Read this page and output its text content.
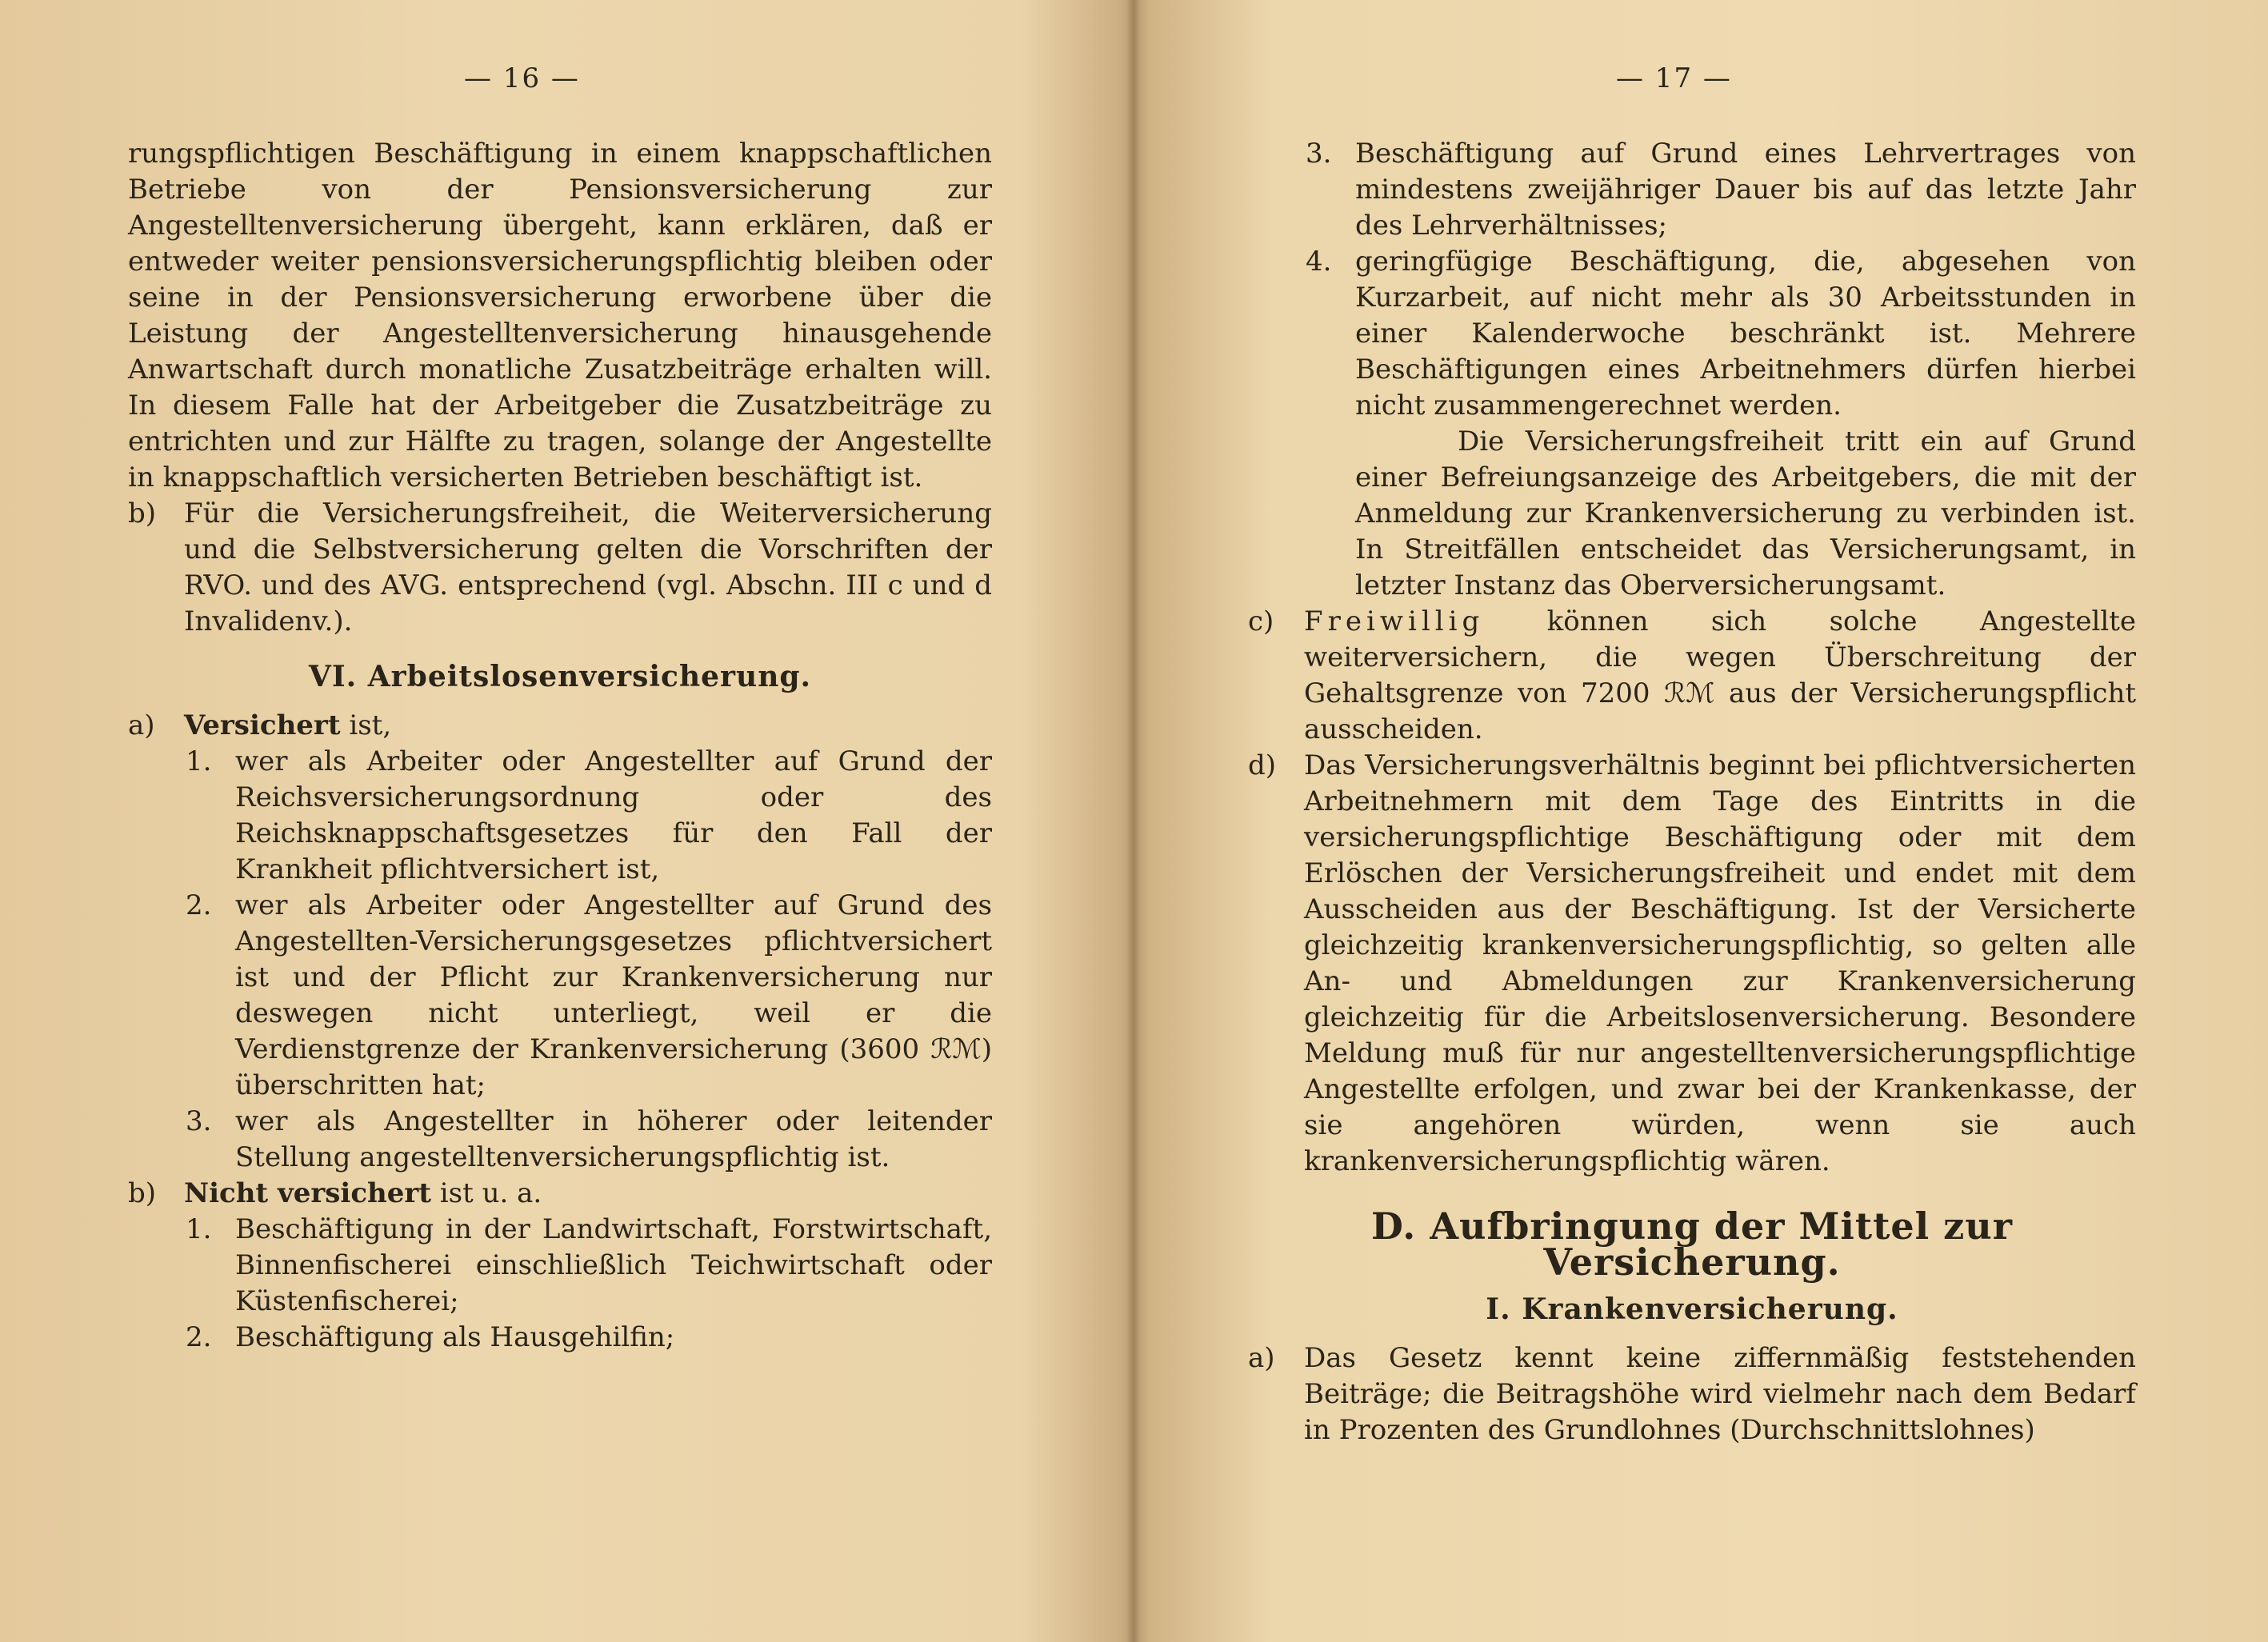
— 16 —

rungspflichtigen Beschäftigung in einem knappschaftlichen Betriebe von der Pensionsversicherung zur Angestelltenversicherung übergeht, kann erklären, daß er entweder weiter pensionsversicherungspflichtig bleiben oder seine in der Pensionsversicherung erworbene über die Leistung der Angestelltenversicherung hinausgehende Anwartschaft durch monatliche Zusatzbeiträge erhalten will. In diesem Falle hat der Arbeitgeber die Zusatzbeiträge zu entrichten und zur Hälfte zu tragen, solange der Angestellte in knappschaftlich versicherten Betrieben beschäftigt ist.

b)	Für die Versicherungsfreiheit, die Weiterversicherung und die Selbstversicherung gelten die Vorschriften der RVO. und des AVG. entsprechend (vgl. Abschn. III c und d Invalidenv.).
VI. Arbeitslosenversicherung.
a)	Versichert ist,
1. wer als Arbeiter oder Angestellter auf Grund der Reichsversicherungsordnung oder des Reichsknappschaftsgesetzes für den Fall der Krankheit pflichtversichert ist,
2. wer als Arbeiter oder Angestellter auf Grund des Angestellten-Versicherungsgesetzes pflichtversichert ist und der Pflicht zur Krankenversicherung nur deswegen nicht unterliegt, weil er die Verdienstgrenze der Krankenversicherung (3600 ℛℳ) überschritten hat;
3. wer als Angestellter in höherer oder leitender Stellung angestelltenversicherungspflichtig ist.
b)	Nicht versichert ist u. a.
1. Beschäftigung in der Landwirtschaft, Forstwirtschaft, Binnenfischerei einschließlich Teichwirtschaft oder Küstenfischerei;
2. Beschäftigung als Hausgehilfin;
— 17 —
3. Beschäftigung auf Grund eines Lehrvertrages von mindestens zweijähriger Dauer bis auf das letzte Jahr des Lehrverhältnisses;
4. geringfügige Beschäftigung, die, abgesehen von Kurzarbeit, auf nicht mehr als 30 Arbeitsstunden in einer Kalenderwoche beschränkt ist. Mehrere Beschäftigungen eines Arbeitnehmers dürfen hierbei nicht zusammengerechnet werden.

Die Versicherungsfreiheit tritt ein auf Grund einer Befreiungsanzeige des Arbeitgebers, die mit der Anmeldung zur Krankenversicherung zu verbinden ist. In Streitfällen entscheidet das Versicherungsamt, in letzter Instanz das Oberversicherungsamt.

c)	Freiwillig können sich solche Angestellte weiterversichern, die wegen Überschreitung der Gehaltsgrenze von 7200 ℛℳ aus der Versicherungspflicht ausscheiden.
d)	Das Versicherungsverhältnis beginnt bei pflichtversicherten Arbeitnehmern mit dem Tage des Eintritts in die versicherungspflichtige Beschäftigung oder mit dem Erlöschen der Versicherungsfreiheit und endet mit dem Ausscheiden aus der Beschäftigung. Ist der Versicherte gleichzeitig krankenversicherungspflichtig, so gelten alle An- und Abmeldungen zur Krankenversicherung gleichzeitig für die Arbeitslosenversicherung. Besondere Meldung muß für nur angestelltenversicherungspflichtige Angestellte erfolgen, und zwar bei der Krankenkasse, der sie angehören würden, wenn sie auch krankenversicherungspflichtig wären.
D. Aufbringung der Mittel zur Versicherung.
I. Krankenversicherung.
a)	Das Gesetz kennt keine ziffernmäßig feststehenden Beiträge; die Beitragshöhe wird vielmehr nach dem Bedarf in Prozenten des Grundlohnes (Durchschnittslohnes)
